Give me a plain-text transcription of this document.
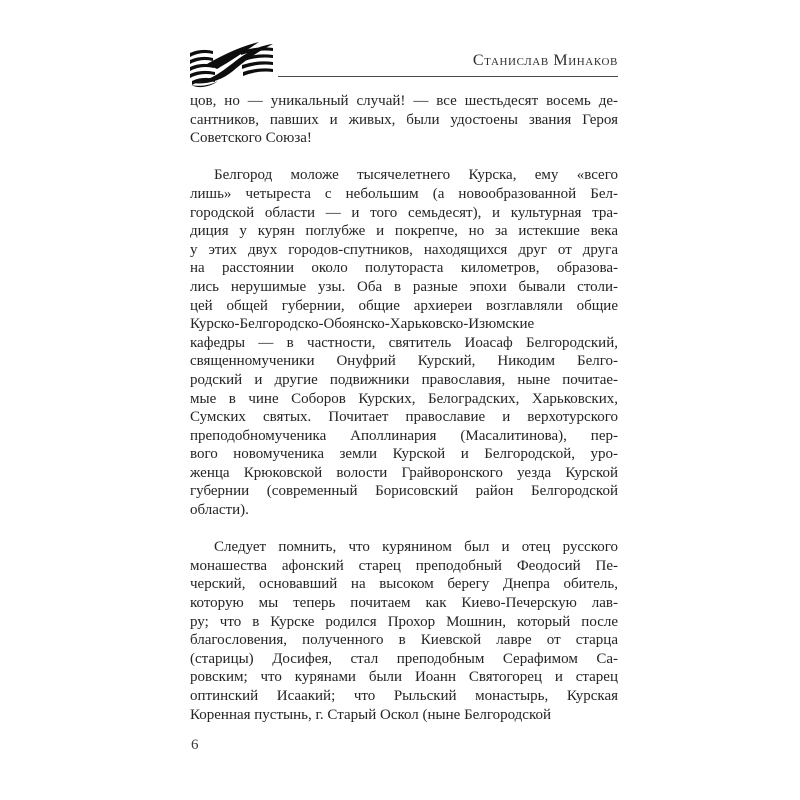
Станислав Минаков
цов, но — уникальный случай! — все шестьдесят восемь де-
сантников, павших и живых, были удостоены звания Героя
Советского Союза!
Белгород моложе тысячелетнего Курска, ему «всего
лишь» четыреста с небольшим (а новообразованной Бел-
городской области — и того семьдесят), и культурная тра-
диция у курян поглубже и покрепче, но за истекшие века
у этих двух городов-спутников, находящихся друг от друга
на расстоянии около полутораста километров, образова-
лись нерушимые узы. Оба в разные эпохи бывали столи-
цей общей губернии, общие архиереи возглавляли общие
Курско-Белгородско-Обоянско-Харьковско-Изюмские
кафедры — в частности, святитель Иоасаф Белгородский,
священномученики Онуфрий Курский, Никодим Белго-
родский и другие подвижники православия, ныне почитае-
мые в чине Соборов Курских, Белоградских, Харьковских,
Сумских святых. Почитает православие и верхотурского
преподобномученика Аполлинария (Масалитинова), пер-
вого новомученика земли Курской и Белгородской, уро-
женца Крюковской волости Грайворонского уезда Курской
губернии (современный Борисовский район Белгородской
области).
Следует помнить, что курянином был и отец русского
монашества афонский старец преподобный Феодосий Пе-
черский, основавший на высоком берегу Днепра обитель,
которую мы теперь почитаем как Киево-Печерскую лав-
ру; что в Курске родился Прохор Мошнин, который после
благословения, полученного в Киевской лавре от старца
(старицы) Досифея, стал преподобным Серафимом Са-
ровским; что курянами были Иоанн Святогорец и старец
оптинский Исаакий; что Рыльский монастырь, Курская
Коренная пустынь, г. Старый Оскол (ныне Белгородской
6
